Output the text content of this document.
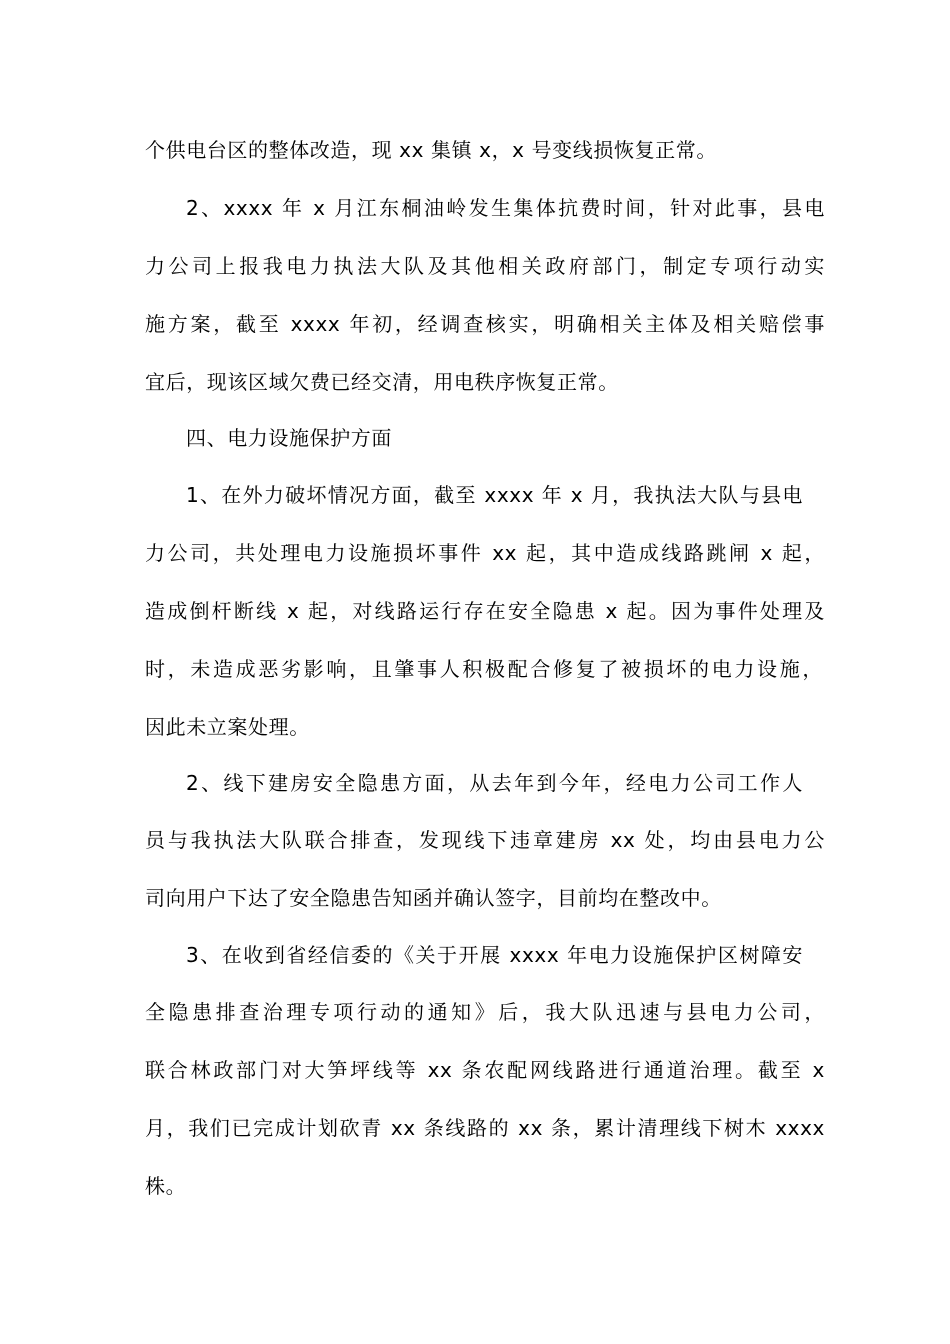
个供电台区的整体改造，现 xx 集镇 x，x 号变线损恢复正常。
2、xxxx 年 x 月江东桐油岭发生集体抗费时间，针对此事，县电
力公司上报我电力执法大队及其他相关政府部门，制定专项行动实
施方案，截至 xxxx 年初，经调查核实，明确相关主体及相关赔偿事
宜后，现该区域欠费已经交清，用电秩序恢复正常。
四、电力设施保护方面
1、在外力破坏情况方面，截至 xxxx 年 x 月，我执法大队与县电
力公司，共处理电力设施损坏事件 xx 起，其中造成线路跳闸 x 起，
造成倒杆断线 x 起，对线路运行存在安全隐患 x 起。因为事件处理及
时，未造成恶劣影响，且肇事人积极配合修复了被损坏的电力设施，
因此未立案处理。
2、线下建房安全隐患方面，从去年到今年，经电力公司工作人
员与我执法大队联合排查，发现线下违章建房 xx 处，均由县电力公
司向用户下达了安全隐患告知函并确认签字，目前均在整改中。
3、在收到省经信委的《关于开展 xxxx 年电力设施保护区树障安
全隐患排查治理专项行动的通知》后，我大队迅速与县电力公司，
联合林政部门对大笋坪线等 xx 条农配网线路进行通道治理。截至 x
月，我们已完成计划砍青 xx 条线路的 xx 条，累计清理线下树木 xxxx
株。
